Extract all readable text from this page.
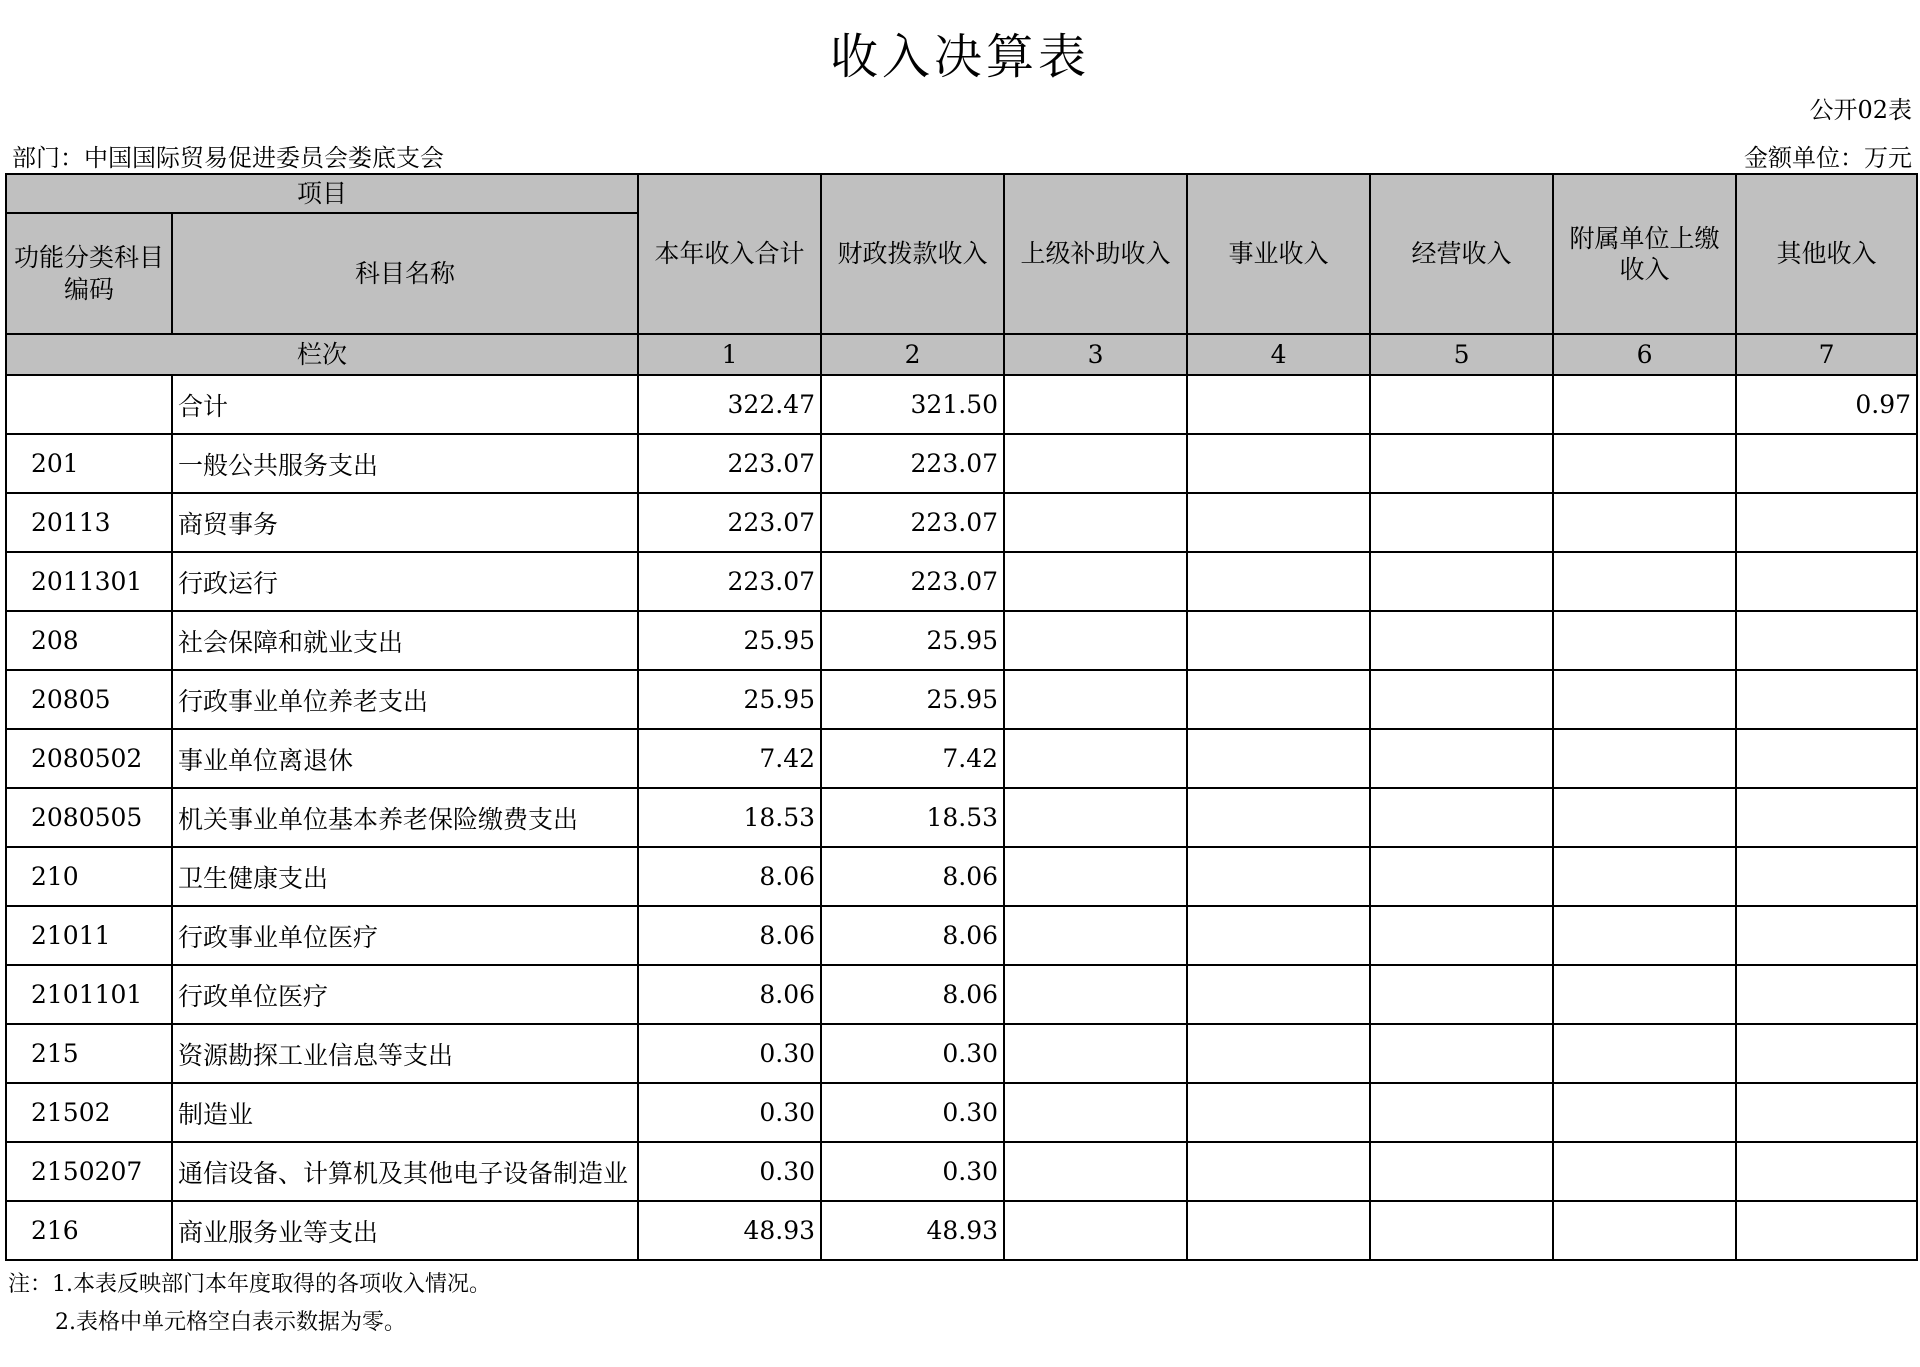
收入决算表
公开02表
部门：中国国际贸易促进委员会娄底支会	金额单位：万元
项目		本年收入合计	财政拨款收入	上级补助收入	事业收入	经营收入	附属单位上缴收入	其他收入
功能分类科目编码	科目名称							
栏次		1	2	3	4	5	6	7
	合计	322.47	321.50					0.97
201	一般公共服务支出	223.07	223.07					
20113	商贸事务	223.07	223.07					
2011301	行政运行	223.07	223.07					
208	社会保障和就业支出	25.95	25.95					
20805	行政事业单位养老支出	25.95	25.95					
2080502	事业单位离退休	7.42	7.42					
2080505	机关事业单位基本养老保险缴费支出	18.53	18.53					
210	卫生健康支出	8.06	8.06					
21011	行政事业单位医疗	8.06	8.06					
2101101	行政单位医疗	8.06	8.06					
215	资源勘探工业信息等支出	0.30	0.30					
21502	制造业	0.30	0.30					
2150207	通信设备、计算机及其他电子设备制造业	0.30	0.30					
216	商业服务业等支出	48.93	48.93					
注：1.本表反映部门本年度取得的各项收入情况。
2.表格中单元格空白表示数据为零。
